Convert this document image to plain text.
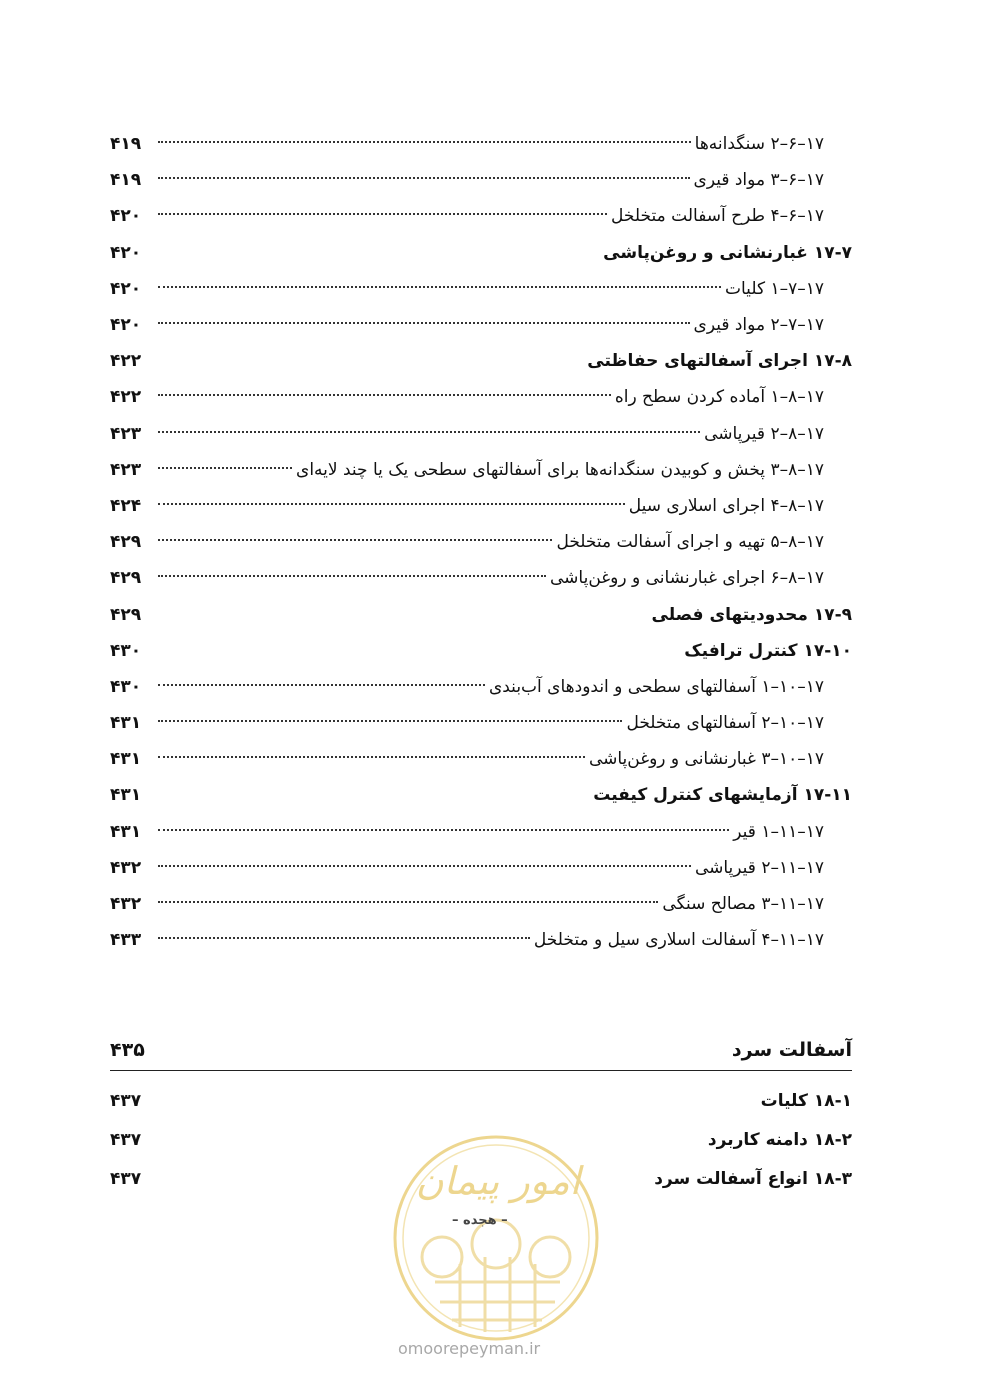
۱۷–۶–۲ سنگدانه‌ها
۴۱۹
۱۷–۶–۳ مواد قیری
۴۱۹
۱۷–۶–۴ طرح آسفالت متخلخل
۴۲۰
۱۷-۷ غبارنشانی و روغن‌پاشی
۴۲۰
۱۷–۷–۱ کلیات
۴۲۰
۱۷–۷–۲ مواد قیری
۴۲۰
۱۷-۸ اجرای آسفالتهای حفاظتی
۴۲۲
۱۷–۸–۱ آماده کردن سطح راه
۴۲۲
۱۷–۸–۲ قیرپاشی
۴۲۳
۱۷–۸–۳ پخش و کوبیدن سنگدانه‌ها برای آسفالتهای سطحی یک یا چند لایه‌ای
۴۲۳
۱۷–۸–۴ اجرای اسلاری سیل
۴۲۴
۱۷–۸–۵ تهیه و اجرای آسفالت متخلخل
۴۲۹
۱۷–۸–۶ اجرای غبارنشانی و روغن‌پاشی
۴۲۹
۱۷-۹ محدودیتهای فصلی
۴۲۹
۱۷-۱۰ کنترل ترافیک
۴۳۰
۱۷–۱۰–۱ آسفالتهای سطحی و اندودهای آب‌بندی
۴۳۰
۱۷–۱۰–۲ آسفالتهای متخلخل
۴۳۱
۱۷–۱۰–۳ غبارنشانی و روغن‌پاشی
۴۳۱
۱۷-۱۱ آزمایشهای کنترل کیفیت
۴۳۱
۱۷–۱۱–۱ قیر
۴۳۱
۱۷–۱۱–۲ قیرپاشی
۴۳۲
۱۷–۱۱–۳ مصالح سنگی
۴۳۲
۱۷–۱۱–۴ آسفالت اسلاری سیل و متخلخل
۴۳۳
آسفالت سرد
۴۳۵
۱۸-۱ کلیات
۴۳۷
۱۸-۲ دامنه کاربرد
۴۳۷
۱۸-۳ انواع آسفالت سرد
۴۳۷	امور پیمان
– هجده –
omoorepeyman.ir
